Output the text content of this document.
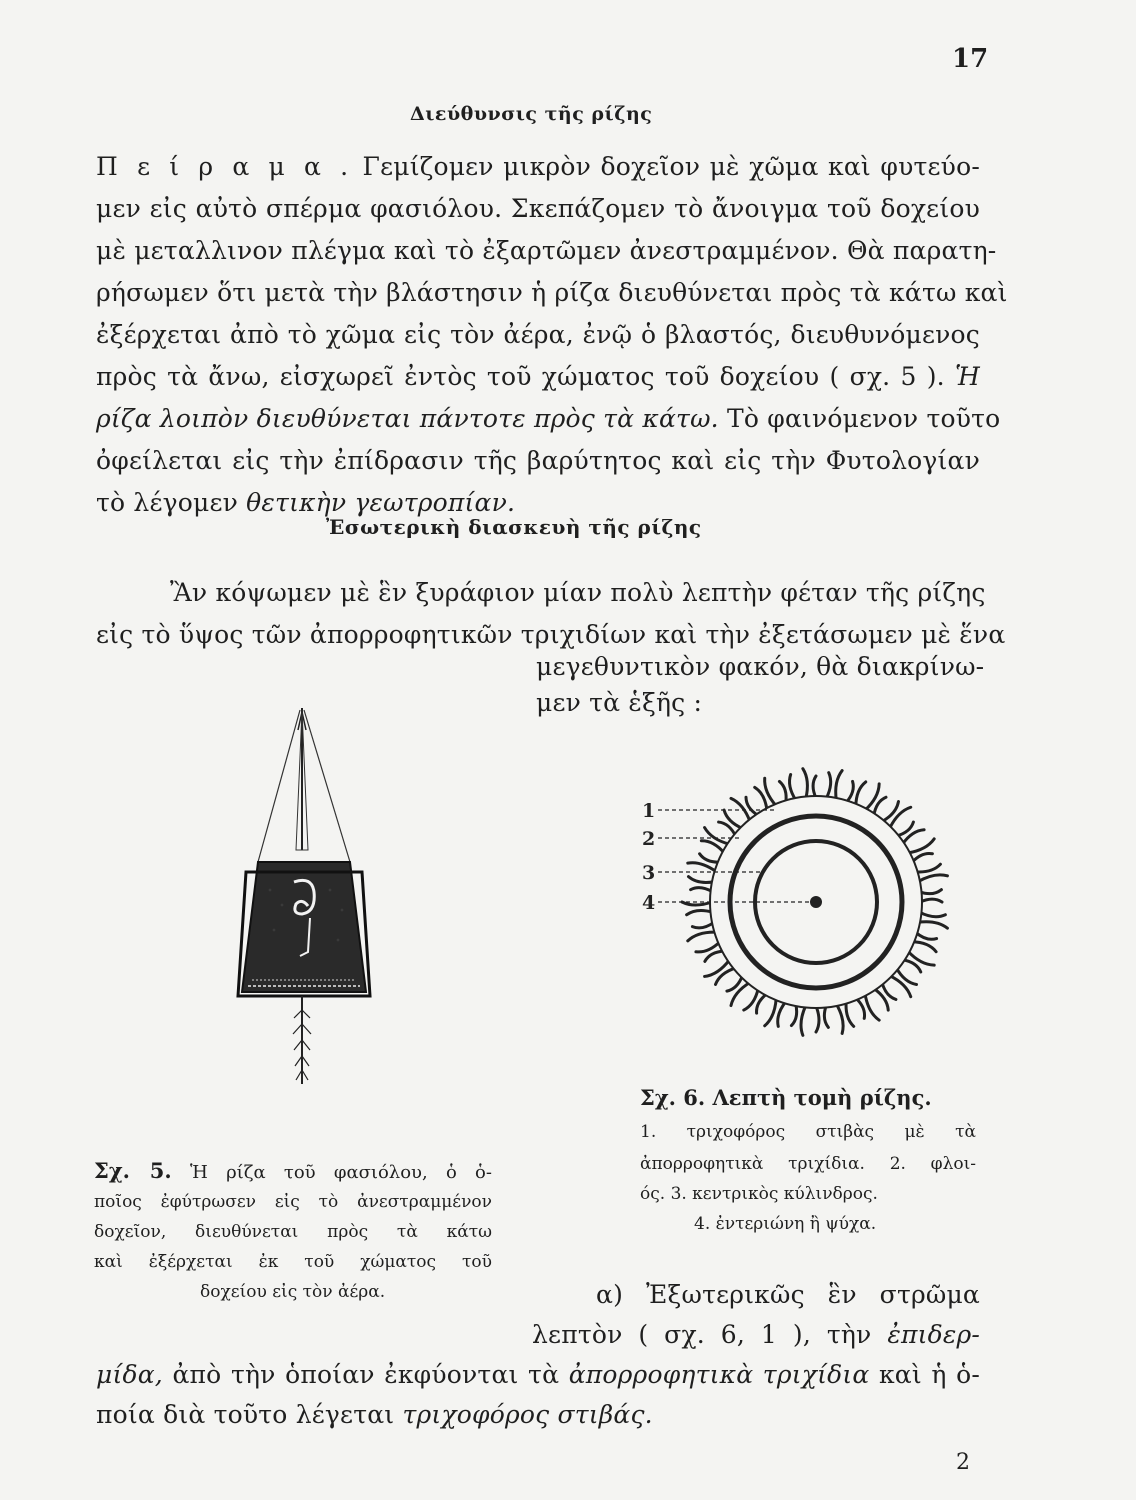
17
Διεύθυνσις τῆς ρίζης
Π ε ί ρ α μ α . Γεμίζομεν μικρὸν δοχεῖον μὲ χῶμα καὶ φυτεύο-
μεν εἰς αὐτὸ σπέρμα φασιόλου. Σκεπάζομεν τὸ ἄνοιγμα τοῦ δοχείου
μὲ μεταλλινον πλέγμα καὶ τὸ ἐξαρτῶμεν ἀνεστραμμένον. Θὰ παρατη-
ρήσωμεν ὅτι μετὰ τὴν βλάστησιν ἡ ρίζα διευθύνεται πρὸς τὰ κάτω καὶ
ἐξέρχεται ἀπὸ τὸ χῶμα εἰς τὸν ἀέρα, ἐνῷ ὁ βλαστός, διευθυνόμενος
πρὸς τὰ ἄνω, εἰσχωρεῖ ἐντὸς τοῦ χώματος τοῦ δοχείου ( σχ. 5 ). Ἡ
ρίζα λοιπὸν διευθύνεται πάντοτε πρὸς τὰ κάτω. Τὸ φαινόμενον τοῦτο
ὀφείλεται εἰς τὴν ἐπίδρασιν τῆς βαρύτητος καὶ εἰς τὴν Φυτολογίαν
τὸ λέγομεν θετικὴν γεωτροπίαν.
Ἐσωτερικὴ διασκευὴ τῆς ρίζης
Ἂν κόψωμεν μὲ ἓν ξυράφιον μίαν πολὺ λεπτὴν φέταν τῆς ρίζης
εἰς τὸ ὕψος τῶν ἀπορροφητικῶν τριχιδίων καὶ τὴν ἐξετάσωμεν μὲ ἕνα
μεγεθυντικὸν φακόν, θὰ διακρίνω-
μεν τὰ ἑξῆς :
1
2
3
4
Σχ. 6. Λεπτὴ τομὴ ρίζης.
1. τριχοφόρος στιβὰς μὲ τὰ
ἀπορροφητικὰ τριχίδια. 2. φλοι-
ός. 3. κεντρικὸς κύλινδρος.
4. ἐντεριώνη ἢ ψύχα.
Σχ. 5. Ἡ ρίζα τοῦ φασιόλου, ὁ ὁ-
ποῖος ἐφύτρωσεν εἰς τὸ ἀνεστραμμένον
δοχεῖον, διευθύνεται πρὸς τὰ κάτω
καὶ ἐξέρχεται ἐκ τοῦ χώματος τοῦ
δοχείου εἰς τὸν ἀέρα.	α) Ἐξωτερικῶς ἓν στρῶμα
λεπτὸν ( σχ. 6, 1 ), τὴν ἐπιδερ-
μίδα, ἀπὸ τὴν ὁποίαν ἐκφύονται τὰ ἀπορροφητικὰ τριχίδια καὶ ἡ ὁ-
ποία διὰ τοῦτο λέγεται τριχοφόρος στιβάς.
2
